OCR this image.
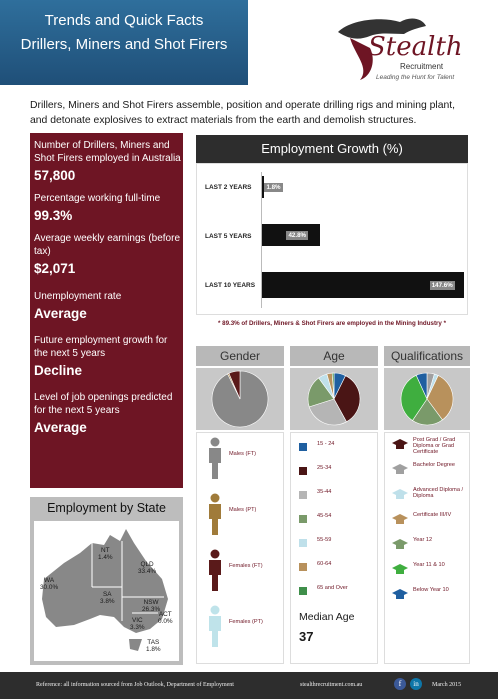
Trends and Quick Facts
Drillers, Miners and Shot Firers	Stealth
Recruitment
Leading the Hunt for Talent
Drillers, Miners and Shot Firers assemble, position and operate drilling rigs and mining plant, and detonate explosives to extract materials from the earth and demolish structures.
Number of Drillers, Miners and Shot Firers employed in Australia
57,800
Percentage working full-time
99.3%
Average weekly earnings (before tax)
$2,071
Unemployment rate
Average
Future employment growth for the next 5 years
Decline
Level of job openings predicted for the next 5 years
Average
Employment by State
WA
30.0%
NT
1.4%
SA
3.8%
QLD
33.4%
NSW
26.3%
ACT
0.0%
VIC
3.3%
TAS
1.8%
Employment Growth (%)
LAST 2 YEARS
LAST 5 YEARS
LAST 10 YEARS
1.8%
42.8%
147.6%
* 89.3% of Drillers, Miners & Shot Firers are employed in the Mining Industry *
Gender
Males (FT)
Males (PT)
Females (FT)
Females (PT)
Age
15 - 24
25-34
35-44
45-54
55-59
60-64
65 and Over
Median Age
37
Qualifications
Post Grad / Grad Diploma or Grad Certificate
Bachelor Degree
Advanced Diploma / Diploma
Certificate III/IV
Year 12
Year 11 & 10
Below Year 10
Reference: all information sourced from Job Outlook, Department of Employment	stealthrecruitment.com.au	f	in	March 2015
